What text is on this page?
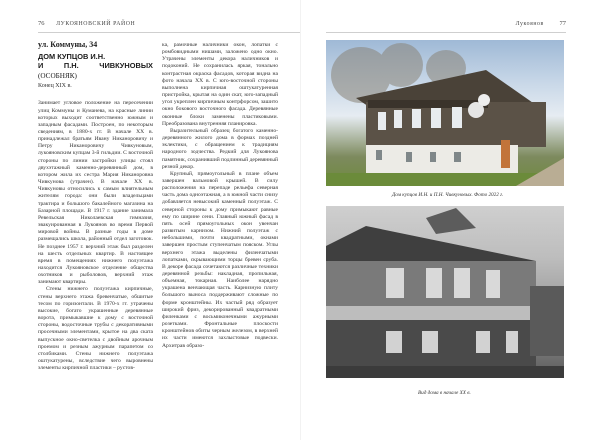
76 ЛУКОЯНОВСКИЙ РАЙОН
ул. Коммуны, 34
ДОМ КУПЦОВ И.Н.
И П.Н. ЧИВКУНОВЫХ (ОСОБНЯК)
Конец XIX в.

Занимает угловое положение на пересечении улиц Коммуны и Куманева, на красные линии которых выходит соответственно южным и западным фасадами. Построен, по некоторым сведениям, в 1880-х гг. В начале XX в. принадлежал братьям Ивану Никаноровичу и Петру Никаноровичу Чивкуновым, лукояновским купцам 3-й гильдии. С восточной стороны по линии застройки улицы стоял двухэтажный каменно-деревянный дом, в котором жила их сестра Мария Никаноровна Чивкунова (утрачен). В начале XX в. Чивкуновы относились к самым влиятельным жителям города: они были владельцами трактира и большого бакалейного магазина на Базарной площади. В 1917 г. здание занимала Ревельская Николаевская гимназия, эвакуированная в Лукоянов во время Первой мировой войны. В разные годы в доме размещались школа, районный отдел заготовок. Не позднее 1957 г. верхний этаж был разделен на шесть отдельных квартир. В настоящее время в помещениях нижнего полуэтажа находится Лукояновское отделение общества охотников и рыболовов, верхний этаж занимают квартиры.

Стены нижнего полуэтажа кирпичные, стены верхнего этажа бревенчатые, обшитые тесом по горизонтали. В 1970-х гг. утрачены высокие, богато украшенные деревянные ворота, примыкавшие к дому с восточной стороны, водосточные трубы с декоративными просечными элементами, крытое на два ската выпускное окно-светелка с двойным арочным проемом и резным ажурным парапетом со столбиками. Стены нижнего полуэтажа оштукатурены, вследствие чего выровнены элементы кирпичной пластики – рустов-

ка, рамочные наличники окон, лопатки с ромбовидными нишами, заложено одно окно. Утрачены элементы декора наличников и подоконий. Не сохранилась яркая, тонально контрастная окраска фасадов, которая видна на фото начала XX в. С юго-восточной стороны выполнена кирпичная оштукатуренная пристройка, крытая на один скат, юго-западный угол укреплен кирпичным контрфорсом, зашито окно бокового восточного фасада. Деревянные оконные блоки заменены пластиковыми. Преобразована внутренняя планировка.

Выразительный образец богатого каменно-деревянного жилого дома в формах поздней эклектики, с обращением к традициям народного зодчества. Редкий для Лукоянова памятник, сохранивший подлинный деревянный резной декор.

Крупный, прямоугольный в плане объем завершен вальмовой крышей. В силу расположения на перепаде рельефа северная часть дома одноэтажная, а в южной части снизу добавляется невысокий каменный полуэтаж. С северной стороны к дому примыкают равные ему по ширине сени. Главный южный фасад в пять осей прямоугольных окон увенчан развитым карнизом. Нижний полуэтаж с небольшими, почти квадратными, окнами завершен простым ступенчатым пояском. Углы верхнего этажа выделены филенчатыми лопатками, скрывающими торцы бревен сруба. В декоре фасада сочетаются различные техники деревянной резьбы: накладная, пропильная, объемная, токарная. Наиболее нарядно украшена венчающая часть. Карнизную плиту большого выноса поддерживают сложные по форме кронштейны. Их частый ряд образует широкий фриз, декорированный квадратными филенками с восьмиконечными ажурными розетками. Фронтальные плоскости кронштейнов обиты черным железом, в верхней их части имеются захлыстовые подвески. Архитрав образо-

Лукоянов 77
Дом купцов И.Н. и П.Н. Чивкуновых. Фото 2022 г.
Вид дома в начале XX в.
